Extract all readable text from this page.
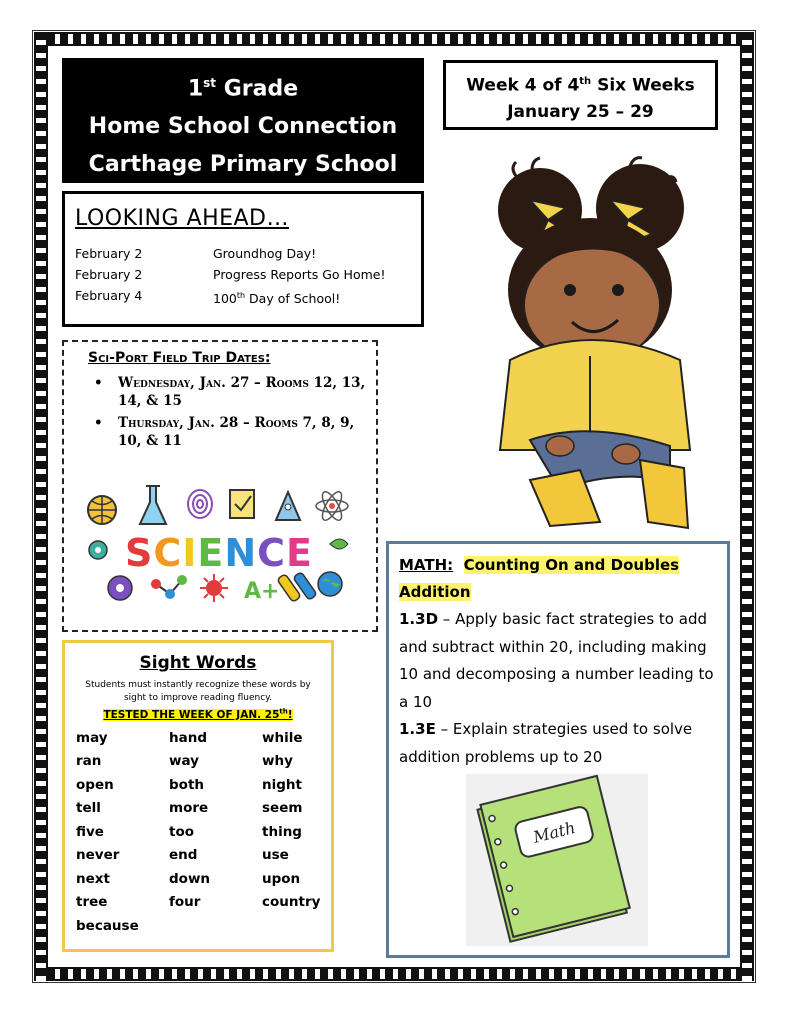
1st Grade
Home School Connection
Carthage Primary School
Week 4 of 4th Six Weeks
January 25 – 29
LOOKING AHEAD…
February 2	Groundhog Day!
February 2	Progress Reports Go Home!
February 4	100th Day of School!
Sci-Port Field Trip Dates:
• Wednesday, Jan. 27 – Rooms 12, 13, 14, & 15
• Thursday, Jan. 28 – Rooms 7, 8, 9, 10, & 11
SCIENCE
A+
Sight Words
Students must instantly recognize these words by sight to improve reading fluency.
TESTED THE WEEK OF JAN. 25th!
may	hand	while
ran	way	why
open	both	night
tell	more	seem
five	too	thing
never	end	use
next	down	upon
tree	four	country
because
MATH: Counting On and Doubles Addition
1.3D – Apply basic fact strategies to add and subtract within 20, including making 10 and decomposing a number leading to a 10
1.3E – Explain strategies used to solve addition problems up to 20
Math
